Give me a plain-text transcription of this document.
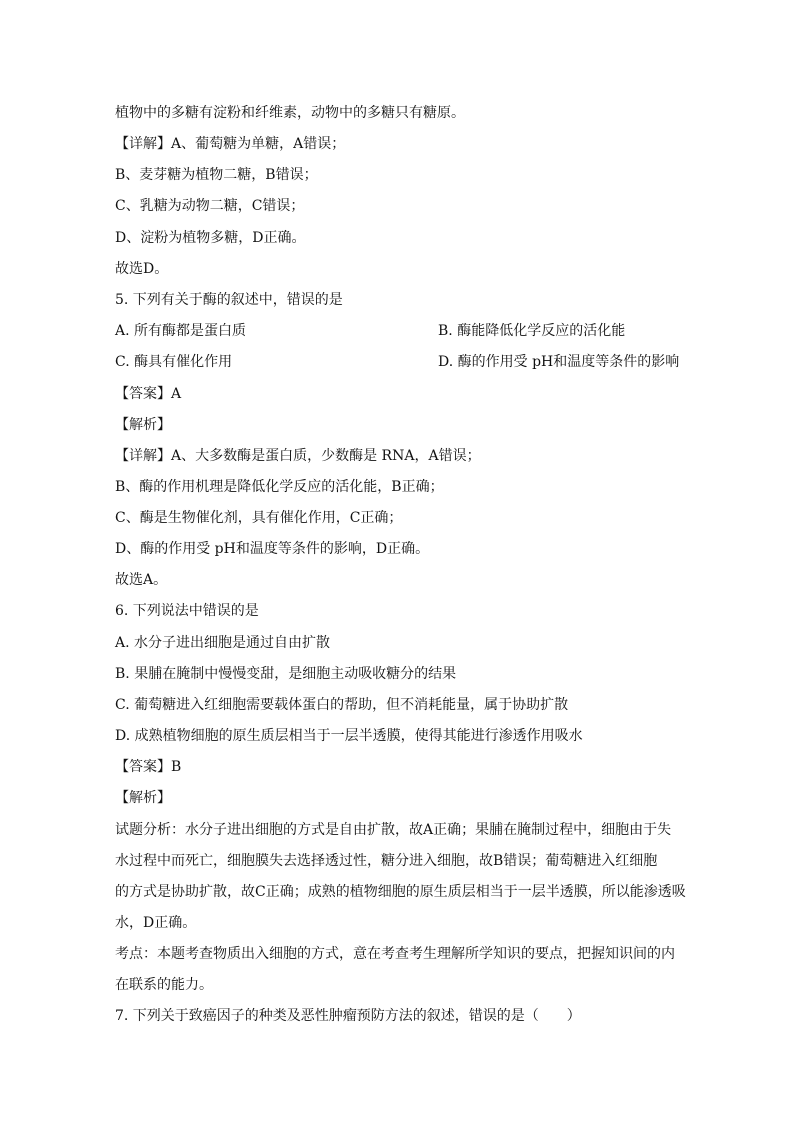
植物中的多糖有淀粉和纤维素，动物中的多糖只有糖原。
【详解】A、葡萄糖为单糖，A错误；
B、麦芽糖为植物二糖，B错误；
C、乳糖为动物二糖，C错误；
D、淀粉为植物多糖，D正确。
故选D。
5. 下列有关于酶的叙述中，错误的是
A. 所有酶都是蛋白质	B. 酶能降低化学反应的活化能
C. 酶具有催化作用	D. 酶的作用受 pH和温度等条件的影响
【答案】A
【解析】
【详解】A、大多数酶是蛋白质，少数酶是 RNA，A错误；
B、酶的作用机理是降低化学反应的活化能，B正确；
C、酶是生物催化剂，具有催化作用，C正确；
D、酶的作用受 pH和温度等条件的影响，D正确。
故选A。
6. 下列说法中错误的是
A. 水分子进出细胞是通过自由扩散
B. 果脯在腌制中慢慢变甜，是细胞主动吸收糖分的结果
C. 葡萄糖进入红细胞需要载体蛋白的帮助，但不消耗能量，属于协助扩散
D. 成熟植物细胞的原生质层相当于一层半透膜，使得其能进行渗透作用吸水
【答案】B
【解析】
试题分析：水分子进出细胞的方式是自由扩散，故A正确；果脯在腌制过程中，细胞由于失
水过程中而死亡，细胞膜失去选择透过性，糖分进入细胞，故B错误；葡萄糖进入红细胞
的方式是协助扩散，故C正确；成熟的植物细胞的原生质层相当于一层半透膜，所以能渗透吸
水，D正确。
考点：本题考查物质出入细胞的方式，意在考查考生理解所学知识的要点，把握知识间的内
在联系的能力。
7. 下列关于致癌因子的种类及恶性肿瘤预防方法的叙述，错误的是（　　）
